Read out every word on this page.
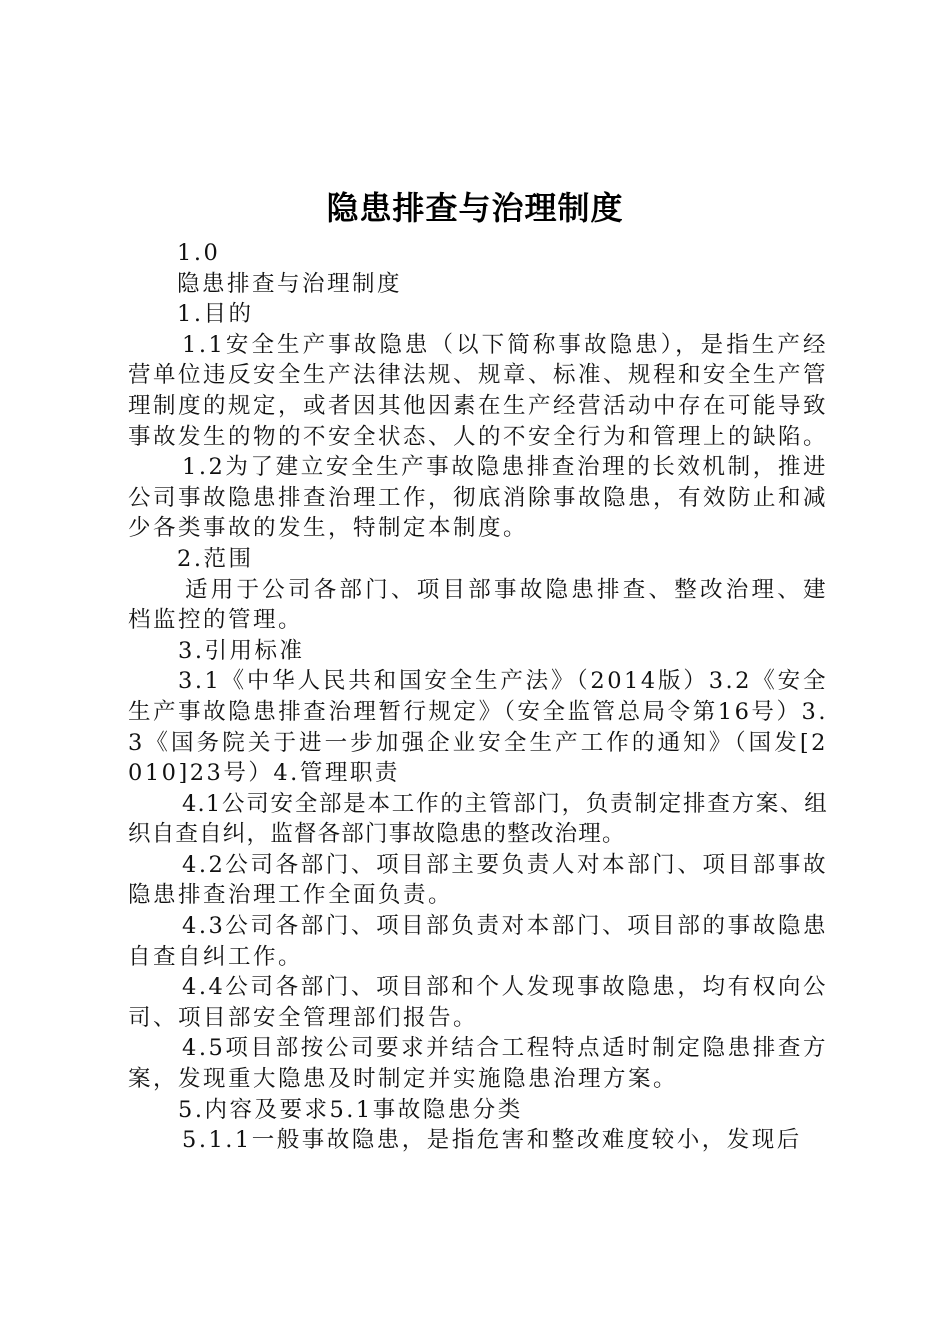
隐患排查与治理制度

1.0

隐患排查与治理制度

1.目的

1.1安全生产事故隐患（以下简称事故隐患），是指生产经营单位违反安全生产法律法规、规章、标准、规程和安全生产管理制度的规定，或者因其他因素在生产经营活动中存在可能导致事故发生的物的不安全状态、人的不安全行为和管理上的缺陷。

1.2为了建立安全生产事故隐患排查治理的长效机制，推进公司事故隐患排查治理工作，彻底消除事故隐患，有效防止和减少各类事故的发生，特制定本制度。

2.范围

适用于公司各部门、项目部事故隐患排查、整改治理、建档监控的管理。

3.引用标准

3.1《中华人民共和国安全生产法》（2014版）3.2《安全生产事故隐患排查治理暂行规定》（安全监管总局令第16号）3.3《国务院关于进一步加强企业安全生产工作的通知》（国发[2010]23号）4.管理职责

4.1公司安全部是本工作的主管部门，负责制定排查方案、组织自查自纠，监督各部门事故隐患的整改治理。

4.2公司各部门、项目部主要负责人对本部门、项目部事故隐患排查治理工作全面负责。

4.3公司各部门、项目部负责对本部门、项目部的事故隐患自查自纠工作。

4.4公司各部门、项目部和个人发现事故隐患，均有权向公司、项目部安全管理部们报告。

4.5项目部按公司要求并结合工程特点适时制定隐患排查方案，发现重大隐患及时制定并实施隐患治理方案。

5.内容及要求5.1事故隐患分类

5.1.1一般事故隐患，是指危害和整改难度较小，发现后
